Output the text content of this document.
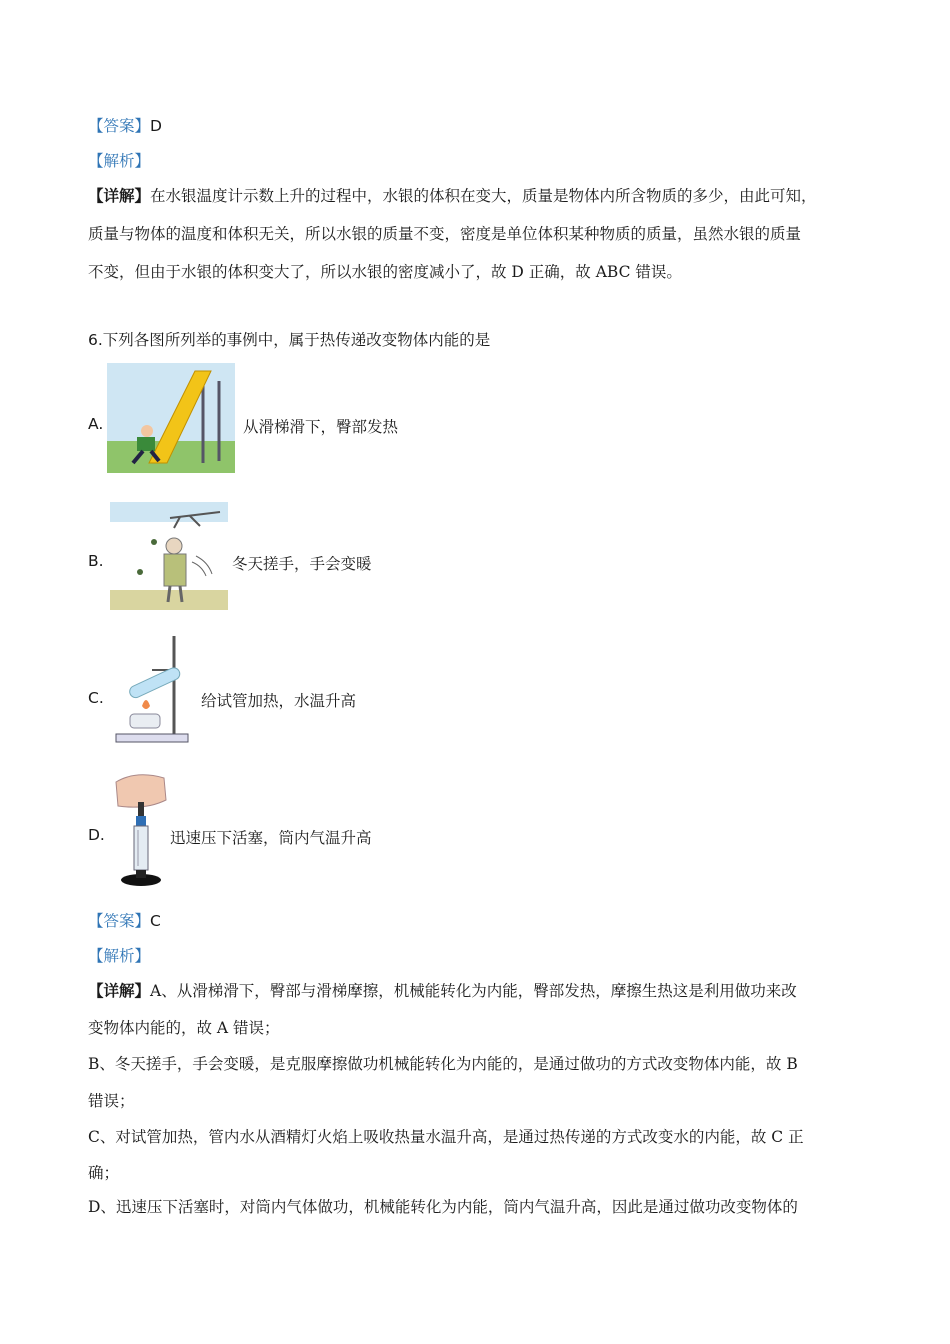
【答案】D
【解析】
【详解】在水银温度计示数上升的过程中，水银的体积在变大，质量是物体内所含物质的多少，由此可知，
质量与物体的温度和体积无关，所以水银的质量不变，密度是单位体积某种物质的质量，虽然水银的质量
不变，但由于水银的体积变大了，所以水银的密度减小了，故 D 正确，故 ABC 错误。
6.下列各图所列举的事例中，属于热传递改变物体内能的是
A.	从滑梯滑下，臀部发热
B.	冬天搓手，手会变暖
C.	给试管加热，水温升高
D.	迅速压下活塞，筒内气温升高
【答案】C
【解析】
【详解】A、从滑梯滑下，臀部与滑梯摩擦，机械能转化为内能，臀部发热，摩擦生热这是利用做功来改
变物体内能的，故 A 错误；
B、冬天搓手，手会变暖，是克服摩擦做功机械能转化为内能的，是通过做功的方式改变物体内能，故 B
错误；
C、对试管加热，管内水从酒精灯火焰上吸收热量水温升高，是通过热传递的方式改变水的内能，故 C 正
确；
D、迅速压下活塞时，对筒内气体做功，机械能转化为内能，筒内气温升高，因此是通过做功改变物体的
